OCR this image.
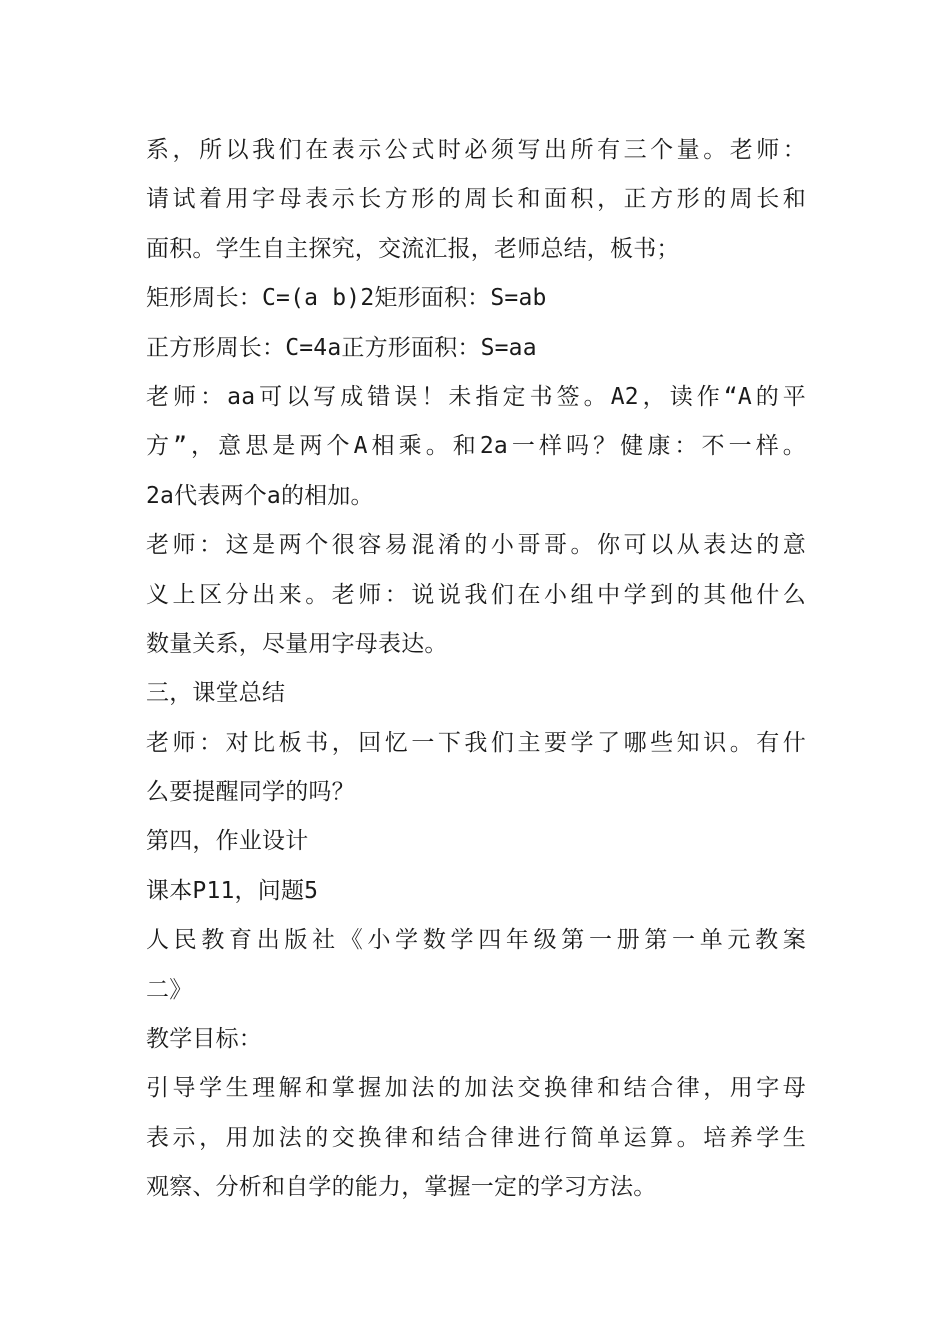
系，所以我们在表示公式时必须写出所有三个量。老师：
请试着用字母表示长方形的周长和面积，正方形的周长和
面积。学生自主探究，交流汇报，老师总结，板书；
矩形周长：C=(a b)2矩形面积：S=ab
正方形周长：C=4a正方形面积：S=aa
老师：aa可以写成错误！未指定书签。A2，读作“A的平
方”，意思是两个A相乘。和2a一样吗？健康：不一样。
2a代表两个a的相加。
老师：这是两个很容易混淆的小哥哥。你可以从表达的意
义上区分出来。老师：说说我们在小组中学到的其他什么
数量关系，尽量用字母表达。
三，课堂总结
老师：对比板书，回忆一下我们主要学了哪些知识。有什
么要提醒同学的吗？
第四，作业设计
课本P11，问题5
人民教育出版社《小学数学四年级第一册第一单元教案
二》
教学目标：
引导学生理解和掌握加法的加法交换律和结合律，用字母
表示，用加法的交换律和结合律进行简单运算。培养学生
观察、分析和自学的能力，掌握一定的学习方法。
